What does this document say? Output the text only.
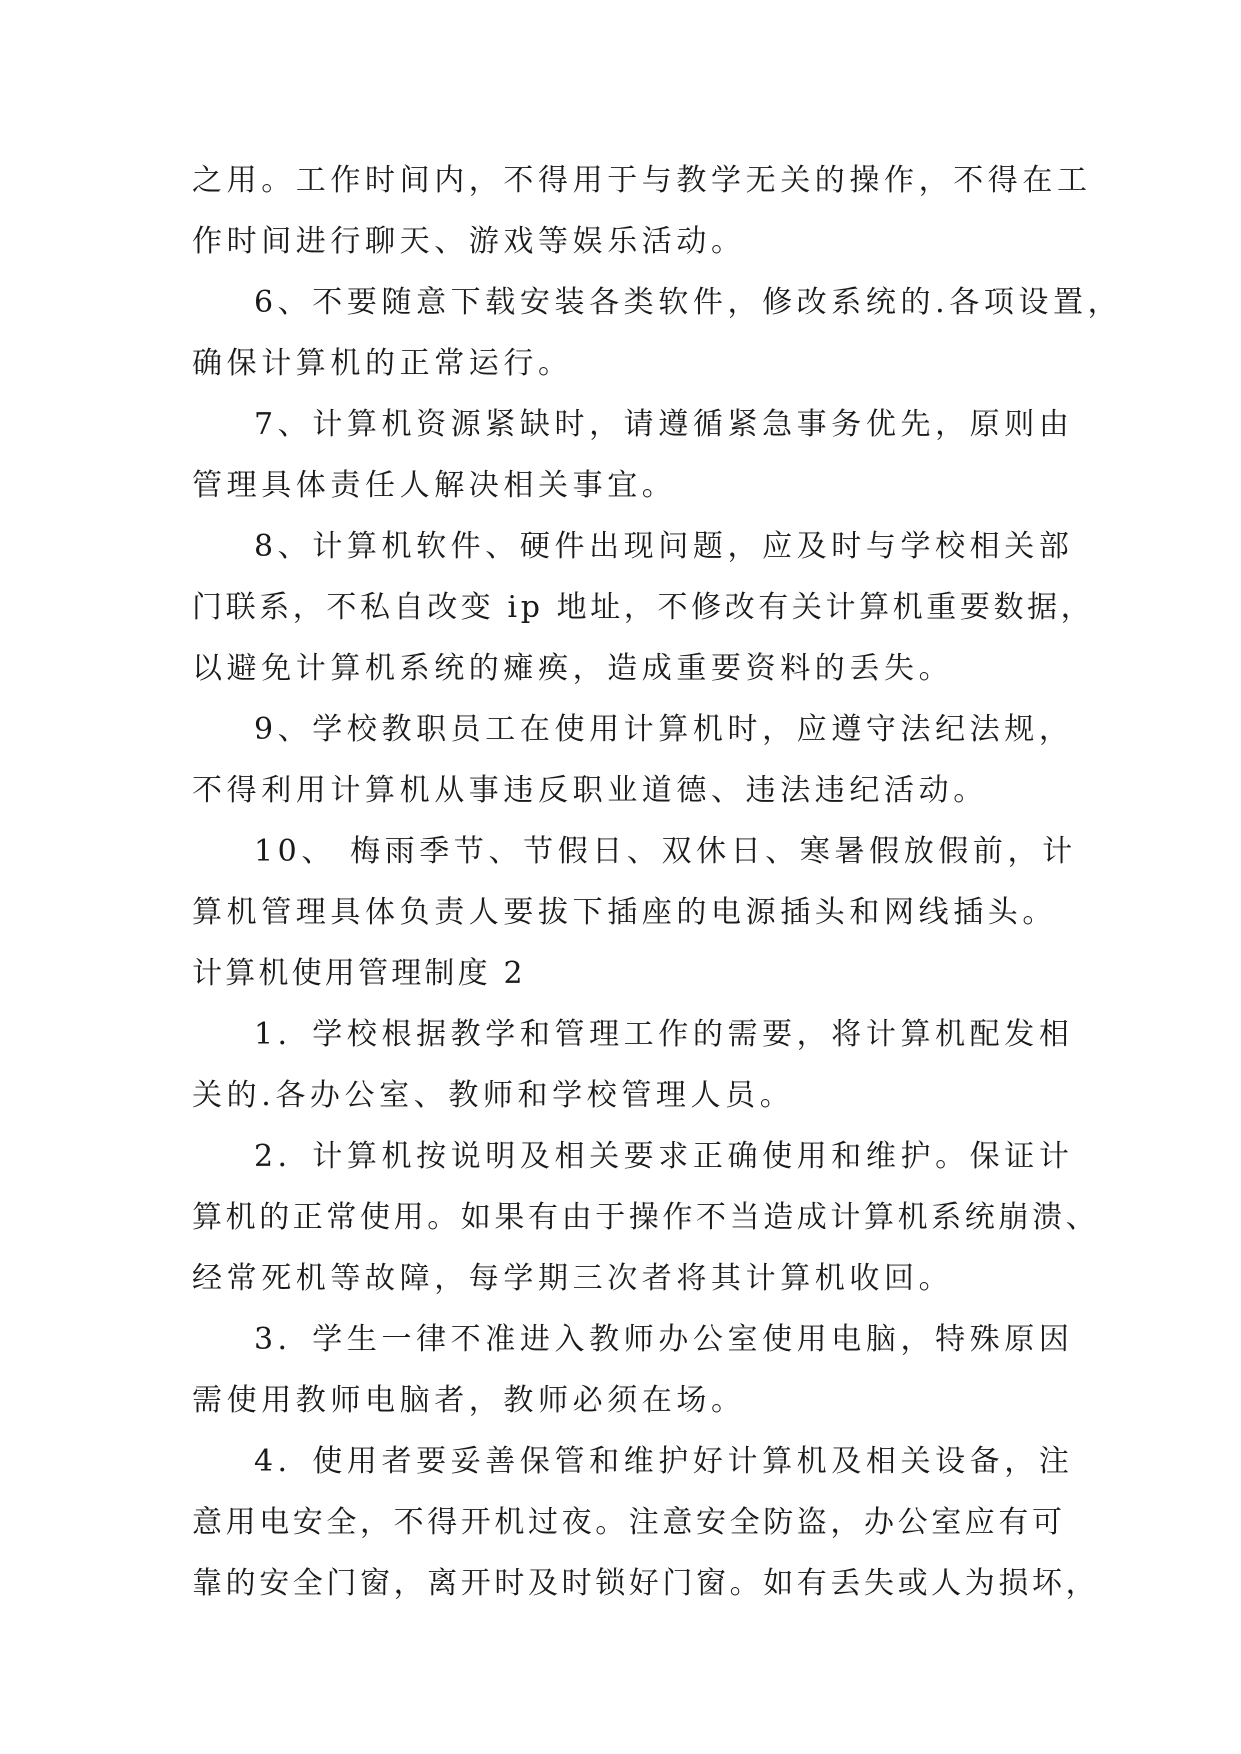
之用。工作时间内，不得用于与教学无关的操作，不得在工
作时间进行聊天、游戏等娱乐活动。
6、不要随意下载安装各类软件，修改系统的.各项设置，
确保计算机的正常运行。
7、计算机资源紧缺时，请遵循紧急事务优先，原则由
管理具体责任人解决相关事宜。
8、计算机软件、硬件出现问题，应及时与学校相关部
门联系，不私自改变 ip 地址，不修改有关计算机重要数据，
以避免计算机系统的瘫痪，造成重要资料的丢失。
9、学校教职员工在使用计算机时，应遵守法纪法规，
不得利用计算机从事违反职业道德、违法违纪活动。
10、 梅雨季节、节假日、双休日、寒暑假放假前，计
算机管理具体负责人要拔下插座的电源插头和网线插头。
计算机使用管理制度 2
1．学校根据教学和管理工作的需要，将计算机配发相
关的.各办公室、教师和学校管理人员。
2．计算机按说明及相关要求正确使用和维护。保证计
算机的正常使用。如果有由于操作不当造成计算机系统崩溃、
经常死机等故障，每学期三次者将其计算机收回。
3．学生一律不准进入教师办公室使用电脑，特殊原因
需使用教师电脑者，教师必须在场。
4．使用者要妥善保管和维护好计算机及相关设备，注
意用电安全，不得开机过夜。注意安全防盗，办公室应有可
靠的安全门窗，离开时及时锁好门窗。如有丢失或人为损坏，
